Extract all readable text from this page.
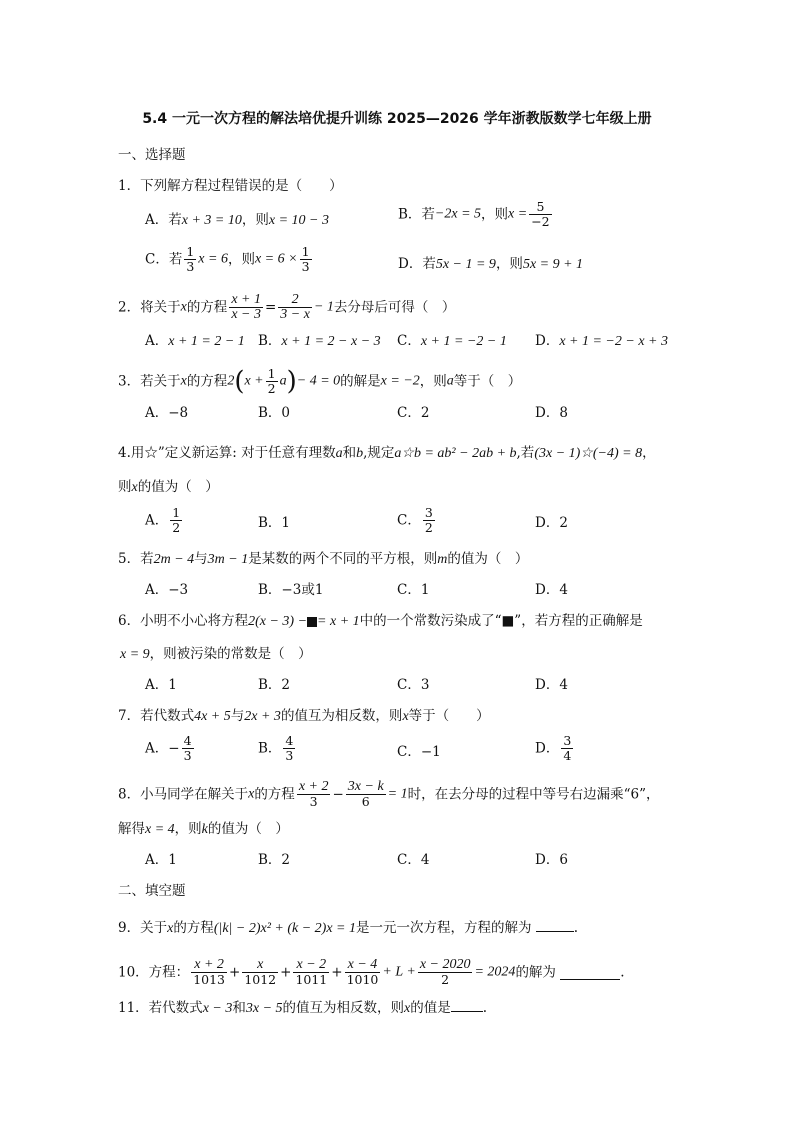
5.4 一元一次方程的解法培优提升训练 2025—2026 学年浙教版数学七年级上册
一、选择题
1．下列解方程过程错误的是（　　）
A．若x + 3 = 10，则x = 10 − 3	B．若−2x = 5，则$x = \frac{5}{-2}$
C．若 $\frac{1}{3}$ x = 6，则$x = 6 \times \frac{1}{3}$	D．若5x − 1 = 9，则5x = 9 + 1
2．将关于x的方程 $\frac{x + 1}{x - 3} = \frac{2}{3 - x} - 1$去分母后可得（　）
A．x + 1 = 2 − 1 B．x + 1 = 2 − x − 3 C．x + 1 = −2 − 1 D．x + 1 = −2 − x + 3
3．若关于x的方程$2(x + \frac{1}{2} a)- 4 = 0$的解是x = −2，则a等于（　）
A．−8	B．0	C．2	D．8
4.用☆”定义新运算: 对于任意有理数a和b,规定a☆b = ab² − 2ab + b,若(3x − 1)☆(−4) = 8，
则x的值为（　）
A． $\frac{1}{2}$	B．1	C． $\frac{3}{2}$	D．2
5．若2m − 4与3m − 1是某数的两个不同的平方根，则m的值为（　）
A．−3	B．−3或1	C．1	D．4
6．小明不小心将方程2(x − 3) − = x + 1中的一个常数污染成了“■”，若方程的正确解是
x = 9，则被污染的常数是（　）
A．1	B．2	C．3	D．4
7．若代数式4x + 5与2x + 3的值互为相反数，则x等于（　　）
A．− $\frac{4}{3}$	B． $\frac{4}{3}$	C．−1	D． $\frac{3}{4}$
8．小马同学在解关于x的方程 $\frac{x + 2}{3} - \frac{3x - k}{6} = 1$时，在去分母的过程中等号右边漏乘“6”，
解得x = 4，则k的值为（　）
A．1	B．2	C．4	D．6
二、填空题
9．关于x的方程(|k| − 2)x² + (k − 2)x = 1是一元一次方程，方程的解为	.
10．方程： $\frac{x + 2}{1013} + \frac{x}{1012} + \frac{x - 2}{1011} + \frac{x - 4}{1010} + L + \frac{x - 2020}{2} = 2024$的解为	.
11．若代数式x − 3和3x − 5的值互为相反数，则x的值是 .
